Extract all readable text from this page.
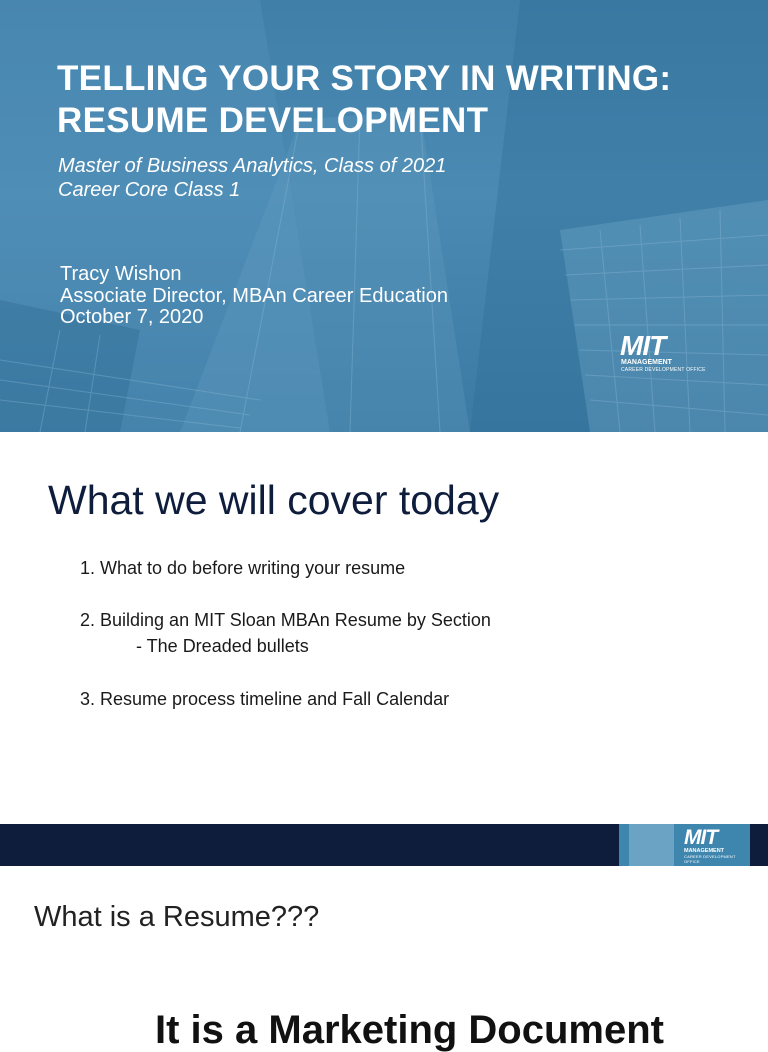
TELLING YOUR STORY IN WRITING:
RESUME DEVELOPMENT
Master of Business Analytics, Class of 2021
Career Core Class 1
Tracy Wishon
Associate Director, MBAn Career Education
October 7, 2020
MIT
MANAGEMENT
CAREER DEVELOPMENT OFFICE
What we will cover today
1. What to do before writing your resume
2. Building an MIT Sloan MBAn Resume by Section
- The Dreaded bullets
3. Resume process timeline and Fall Calendar
MIT
MANAGEMENT
CAREER DEVELOPMENT OFFICE
What is a Resume???
It is a Marketing Document
